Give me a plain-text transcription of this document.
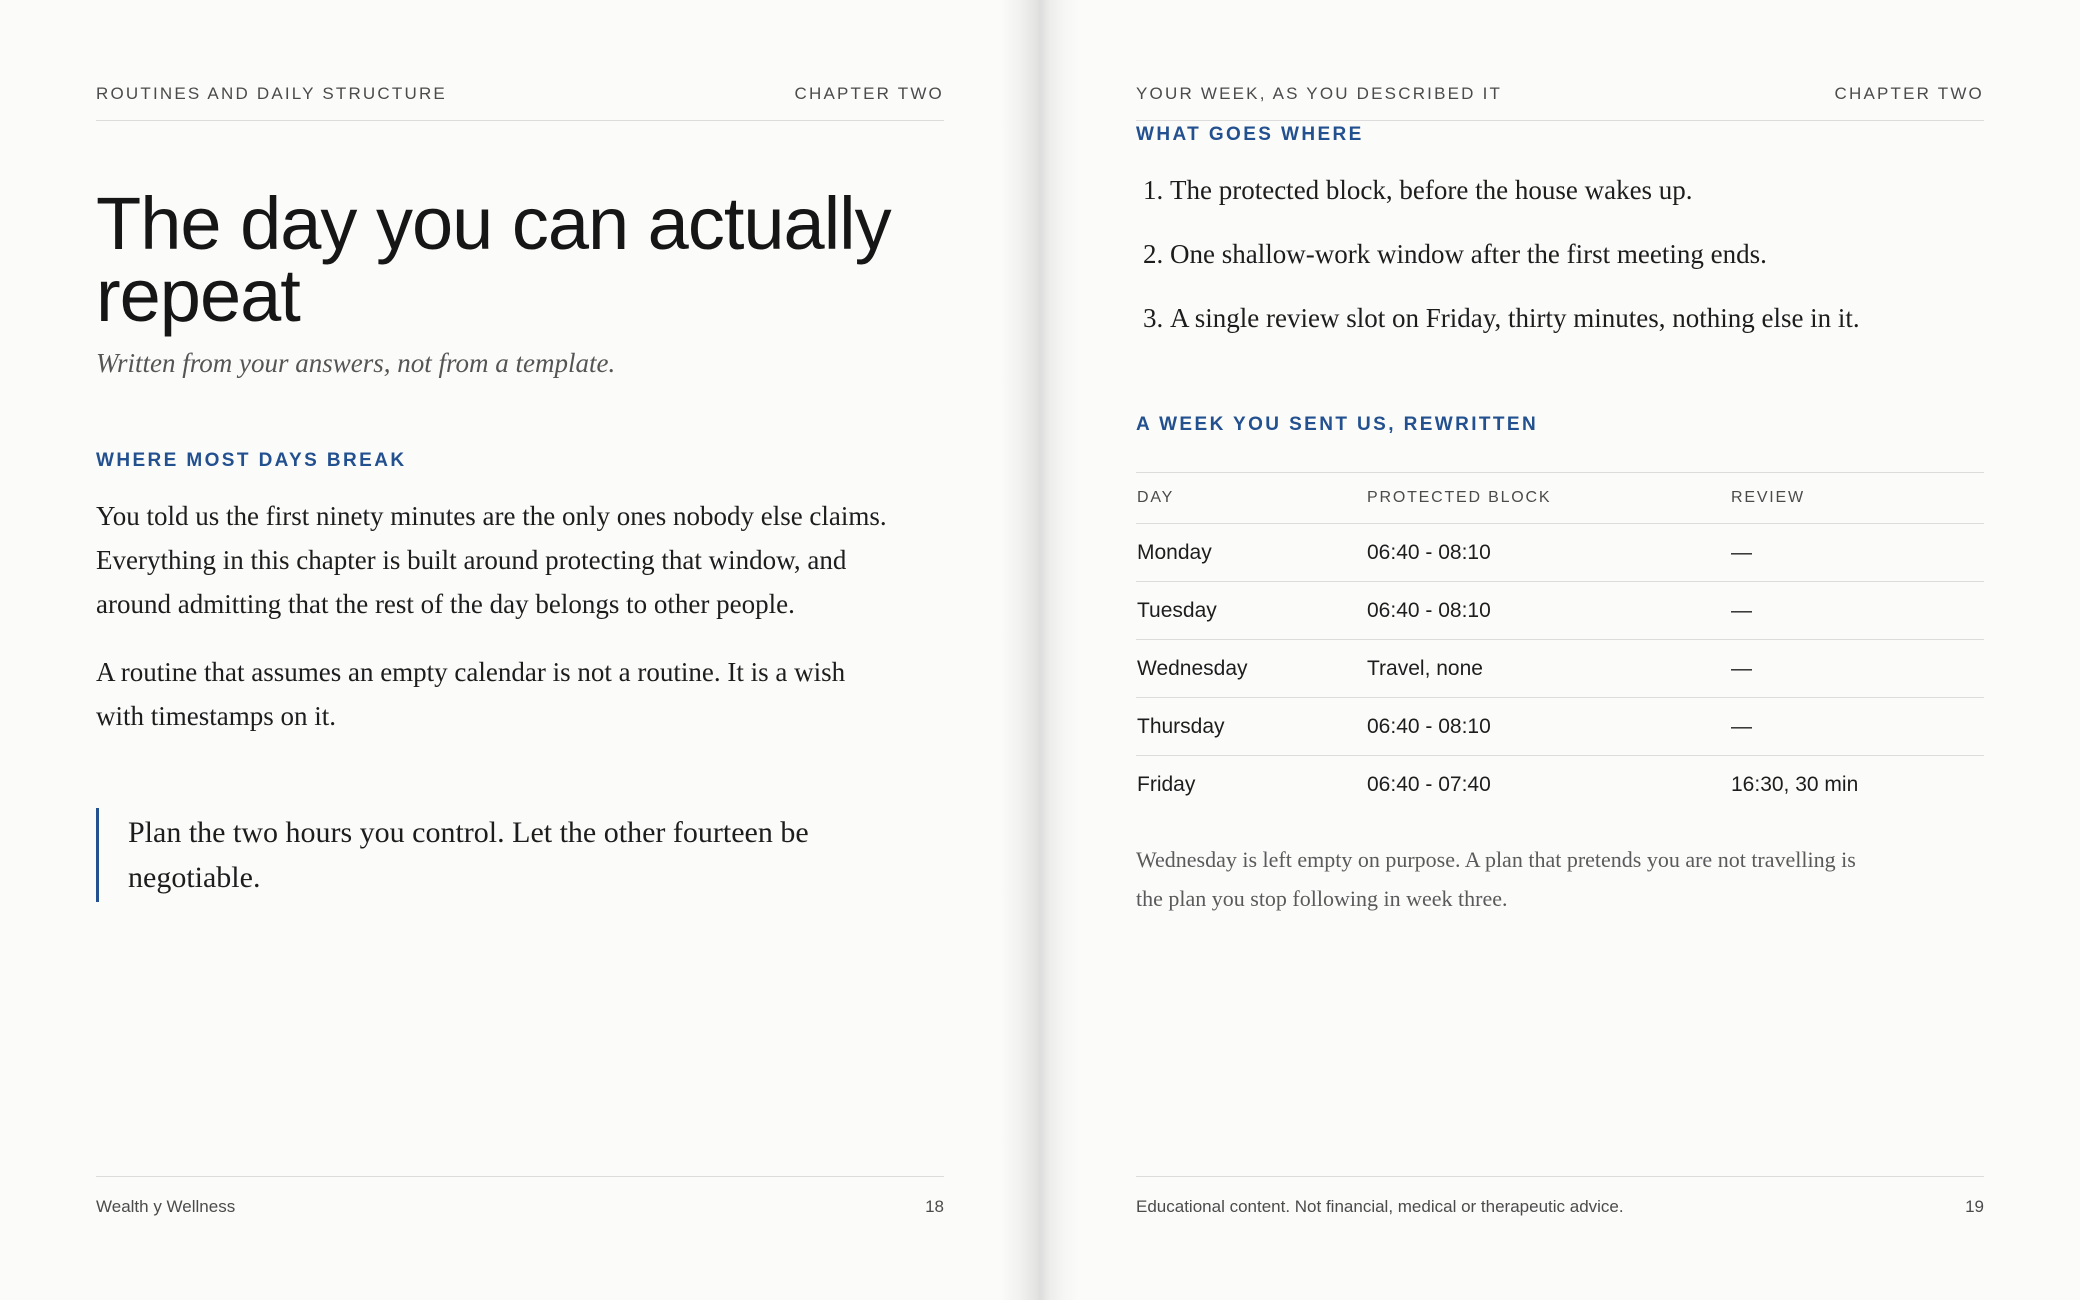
ROUTINES AND DAILY STRUCTURE	CHAPTER TWO
The day you can actually repeat
Written from your answers, not from a template.
WHERE MOST DAYS BREAK

You told us the first ninety minutes are the only ones nobody else claims. Everything in this chapter is built around protecting that window, and around admitting that the rest of the day belongs to other people.

A routine that assumes an empty calendar is not a routine. It is a wish with timestamps on it.

Plan the two hours you control. Let the other fourteen be negotiable.
Wealth y Wellness	18
YOUR WEEK, AS YOU DESCRIBED IT	CHAPTER TWO
WHAT GOES WHERE
1. The protected block, before the house wakes up.
2. One shallow-work window after the first meeting ends.
3. A single review slot on Friday, thirty minutes, nothing else in it.
A WEEK YOU SENT US, REWRITTEN
DAY	PROTECTED BLOCK	REVIEW
Monday	06:40 - 08:10	—
Tuesday	06:40 - 08:10	—
Wednesday	Travel, none	—
Thursday	06:40 - 08:10	—
Friday	06:40 - 07:40	16:30, 30 min

Wednesday is left empty on purpose. A plan that pretends you are not travelling is the plan you stop following in week three.

Educational content. Not financial, medical or therapeutic advice.	19
